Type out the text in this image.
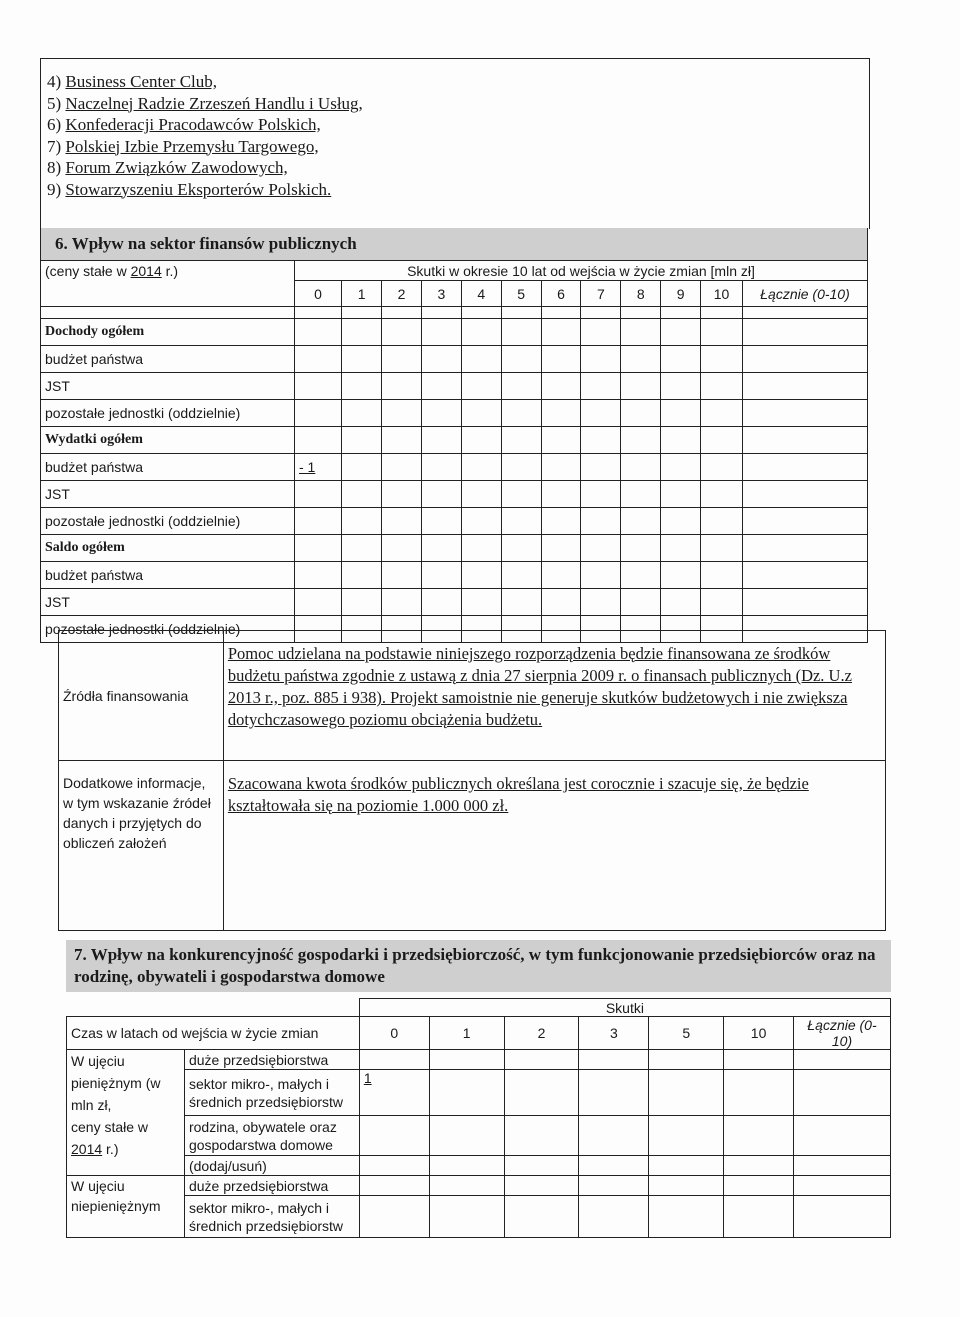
4) Business Center Club,
5) Naczelnej Radzie Zrzeszeń Handlu i Usług,
6) Konfederacji Pracodawców Polskich,
7) Polskiej Izbie Przemysłu Targowego,
8) Forum Związków Zawodowych,
9) Stowarzyszeniu Eksporterów Polskich.
6. Wpływ na sektor finansów publicznych
(ceny stałe w 2014 r.)	Skutki w okresie 10 lat od wejścia w życie zmian [mln zł]											
	0	1	2	3	4	5	6	7	8	9	10	Łącznie (0-10)

Dochody ogółem												
budżet państwa												
JST												
pozostałe jednostki (oddzielnie)												
Wydatki ogółem												
budżet państwa	- 1											
JST												
pozostałe jednostki (oddzielnie)												
Saldo ogółem												
budżet państwa												
JST												
pozostałe jednostki (oddzielnie)												
Źródła finansowania	Pomoc udzielana na podstawie niniejszego rozporządzenia będzie finansowana ze środków budżetu państwa zgodnie z ustawą z dnia 27 sierpnia 2009 r. o finansach publicznych (Dz. U.z 2013 r., poz. 885 i 938). Projekt samoistnie nie generuje skutków budżetowych i nie zwiększa dotychczasowego poziomu obciążenia budżetu.
Dodatkowe informacje, w tym wskazanie źródeł danych i przyjętych do obliczeń założeń	Szacowana kwota środków publicznych określana jest corocznie i szacuje się, że będzie kształtowała się na poziomie 1.000 000 zł.
7. Wpływ na konkurencyjność gospodarki i przedsiębiorczość, w tym funkcjonowanie przedsiębiorców oraz na rodzinę, obywateli i gospodarstwa domowe
		Skutki						
Czas w latach od wejścia w życie zmian		0	1	2	3	5	10	Łącznie (0-10)
W ujęciu pieniężnym (w mln zł,
ceny stałe w 2014 r.)	duże przedsiębiorstwa							
	sektor mikro-, małych i średnich przedsiębiorstw	1						
	rodzina, obywatele oraz gospodarstwa domowe							
	(dodaj/usuń)							
W ujęciu niepieniężnym	duże przedsiębiorstwa							
	sektor mikro-, małych i średnich przedsiębiorstw							
